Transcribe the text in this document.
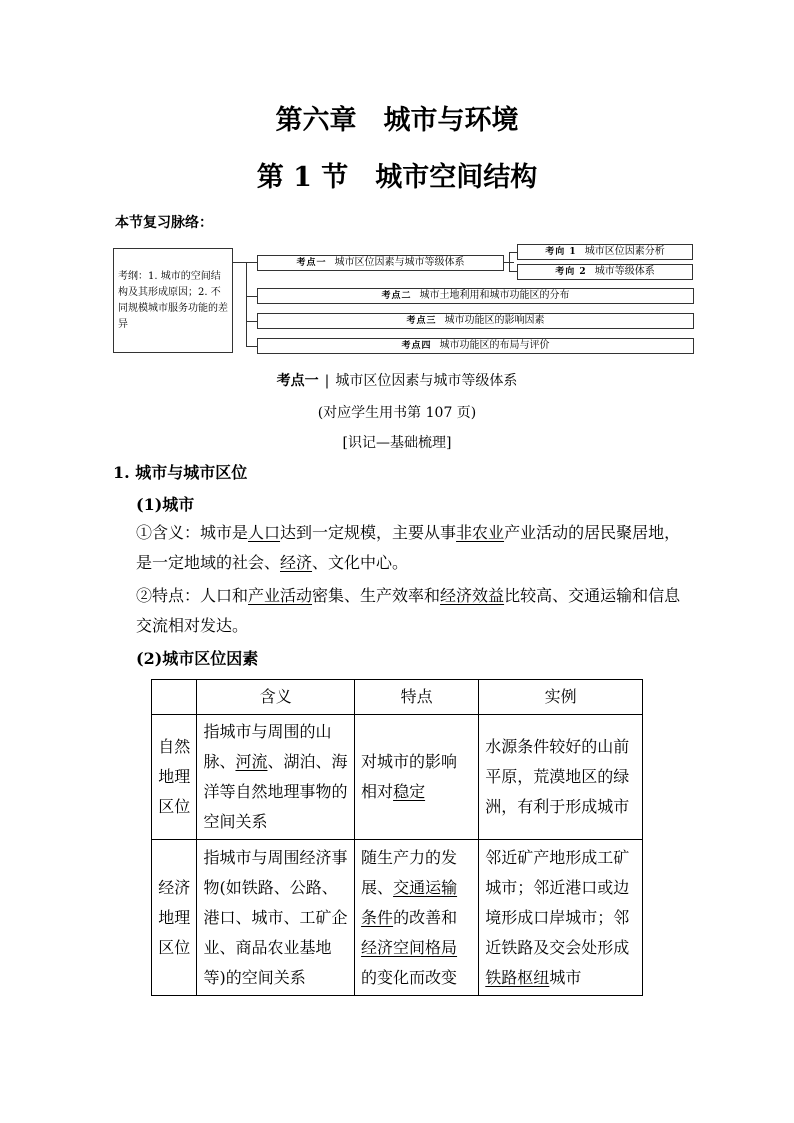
第六章　城市与环境
第 1 节　城市空间结构
本节复习脉络：
考纲：1. 城市的空间结构及其形成原因；2. 不同规模城市服务功能的差异
考点一 城市区位因素与城市等级体系
考向 1 城市区位因素分析
考向 2 城市等级体系
考点二 城市土地利用和城市功能区的分布
考点三 城市功能区的影响因素
考点四 城市功能区的布局与评价
考点一 | 城市区位因素与城市等级体系
(对应学生用书第 107 页)
[识记—基础梳理]
1. 城市与城市区位
(1)城市
①含义：城市是人口达到一定规模，主要从事非农业产业活动的居民聚居地，
是一定地域的社会、经济、文化中心。
②特点：人口和产业活动密集、生产效率和经济效益比较高、交通运输和信息
交流相对发达。
(2)城市区位因素
	含义	特点	实例
自然
地理
区位	指城市与周围的山脉、河流、湖泊、海洋等自然地理事物的空间关系	对城市的影响相对稳定	水源条件较好的山前平原，荒漠地区的绿洲，有利于形成城市
经济
地理
区位	指城市与周围经济事物(如铁路、公路、港口、城市、工矿企业、商品农业基地等)的空间关系	随生产力的发展、交通运输条件的改善和经济空间格局的变化而改变	邻近矿产地形成工矿城市；邻近港口或边境形成口岸城市；邻近铁路及交会处形成铁路枢纽城市
